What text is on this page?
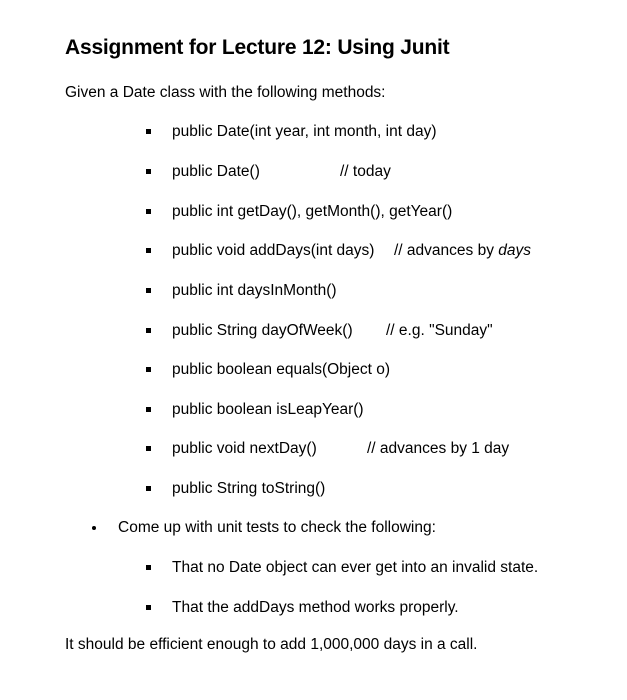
Assignment for Lecture 12: Using Junit
Given a Date class with the following methods:
public Date(int year, int month, int day)
public Date()	// today
public int getDay(), getMonth(), getYear()
public void addDays(int days) // advances by days
public int daysInMonth()
public String dayOfWeek() // e.g. "Sunday"
public boolean equals(Object o)
public boolean isLeapYear()
public void nextDay()	// advances by 1 day
public String toString()
Come up with unit tests to check the following:
That no Date object can ever get into an invalid state.
That the addDays method works properly.
It should be efficient enough to add 1,000,000 days in a call.
